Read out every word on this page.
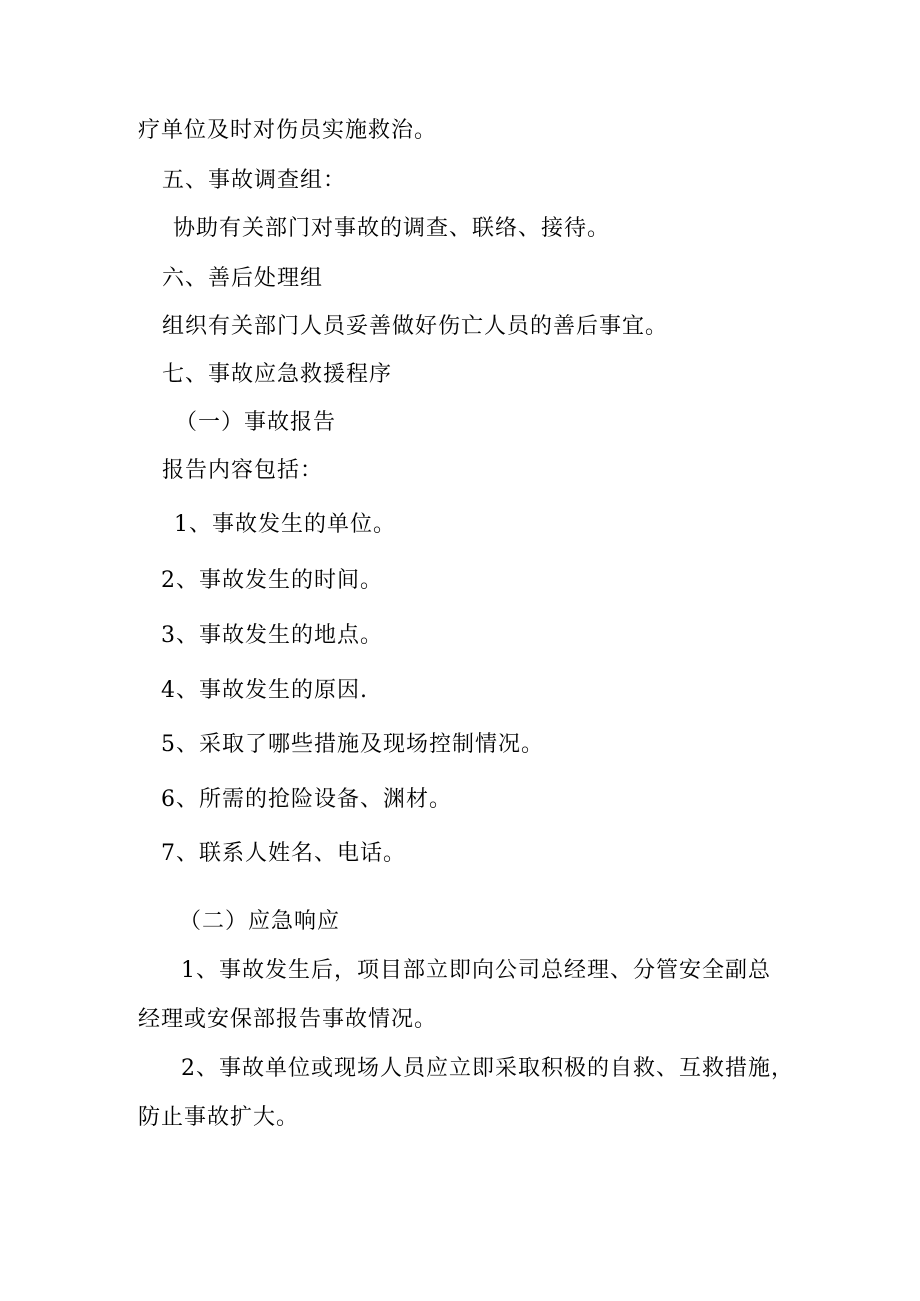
疗单位及时对伤员实施救治。
五、事故调查组：
协助有关部门对事故的调查、联络、接待。
六、善后处理组
组织有关部门人员妥善做好伤亡人员的善后事宜。
七、事故应急救援程序
（一）事故报告
报告内容包括：
1、事故发生的单位。
2、事故发生的时间。
3、事故发生的地点。
4、事故发生的原因.
5、采取了哪些措施及现场控制情况。
6、所需的抢险设备、渊材。
7、联系人姓名、电话。
（二）应急响应
1、事故发生后，项目部立即向公司总经理、分管安全副总
经理或安保部报告事故情况。
2、事故单位或现场人员应立即采取积极的自救、互救措施，
防止事故扩大。
